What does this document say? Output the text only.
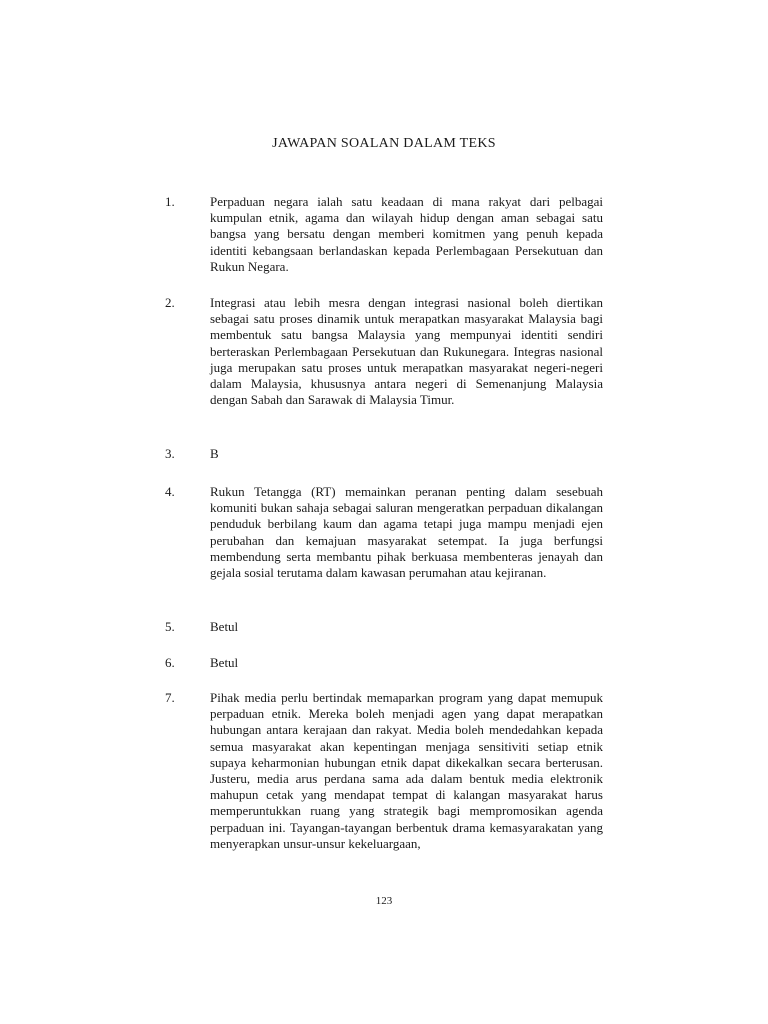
JAWAPAN SOALAN DALAM TEKS
1.	Perpaduan negara ialah satu keadaan di mana rakyat dari pelbagai kumpulan etnik, agama dan wilayah hidup dengan aman sebagai satu bangsa yang bersatu dengan memberi komitmen yang penuh kepada identiti kebangsaan berlandaskan kepada Perlembagaan Persekutuan dan Rukun Negara.
2.	Integrasi atau lebih mesra dengan integrasi nasional boleh diertikan sebagai satu proses dinamik untuk merapatkan masyarakat Malaysia bagi membentuk satu bangsa Malaysia yang mempunyai identiti sendiri berteraskan Perlembagaan Persekutuan dan Rukunegara. Integras nasional juga merupakan satu proses untuk merapatkan masyarakat negeri-negeri dalam Malaysia, khususnya antara negeri di Semenanjung Malaysia dengan Sabah dan Sarawak di Malaysia Timur.
3.	B
4.	Rukun Tetangga (RT) memainkan peranan penting dalam sesebuah komuniti bukan sahaja sebagai saluran mengeratkan perpaduan dikalangan penduduk berbilang kaum dan agama tetapi juga mampu menjadi ejen perubahan dan kemajuan masyarakat setempat. Ia juga berfungsi membendung serta membantu pihak berkuasa membenteras jenayah dan gejala sosial terutama dalam kawasan perumahan atau kejiranan.
5.	Betul
6.	Betul
7.	Pihak media perlu bertindak memaparkan program yang dapat memupuk perpaduan etnik. Mereka boleh menjadi agen yang dapat merapatkan hubungan antara kerajaan dan rakyat. Media boleh mendedahkan kepada semua masyarakat akan kepentingan menjaga sensitiviti setiap etnik supaya keharmonian hubungan etnik dapat dikekalkan secara berterusan. Justeru, media arus perdana sama ada dalam bentuk media elektronik mahupun cetak yang mendapat tempat di kalangan masyarakat harus memperuntukkan ruang yang strategik bagi mempromosikan agenda perpaduan ini. Tayangan-tayangan berbentuk drama kemasyarakatan yang menyerapkan unsur-unsur kekeluargaan,
123
